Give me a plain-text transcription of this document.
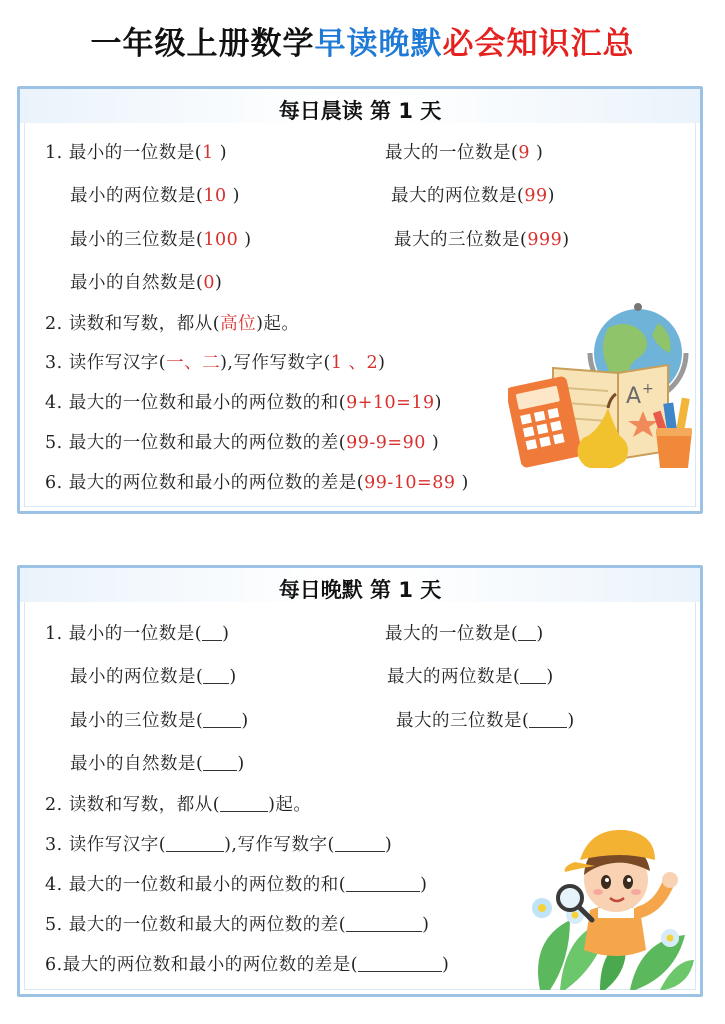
一年级上册数学早读晚默必会知识汇总
每日晨读 第 1 天
1. 最小的一位数是(1 )	最大的一位数是(9 )
最小的两位数是(10 )	最大的两位数是(99)
最小的三位数是(100 )	最大的三位数是(999)
最小的自然数是(0)
2. 读数和写数，都从(高位)起。
3. 读作写汉字(一、二),写作写数字(1 、2)
4. 最大的一位数和最小的两位数的和(9+10=19)
5. 最大的一位数和最大的两位数的差(99-9=90 )
6. 最大的两位数和最小的两位数的差是(99-10=89 )
A +
每日晚默 第 1 天
1. 最小的一位数是( )	最大的一位数是( )
最小的两位数是( )	最大的两位数是( )
最小的三位数是( )	最大的三位数是( )
最小的自然数是( )
2. 读数和写数，都从(	)起。
3. 读作写汉字(	),写作写数字(	)
4. 最大的一位数和最小的两位数的和(	)
5. 最大的一位数和最大的两位数的差(	)
6.最大的两位数和最小的两位数的差是(	)
